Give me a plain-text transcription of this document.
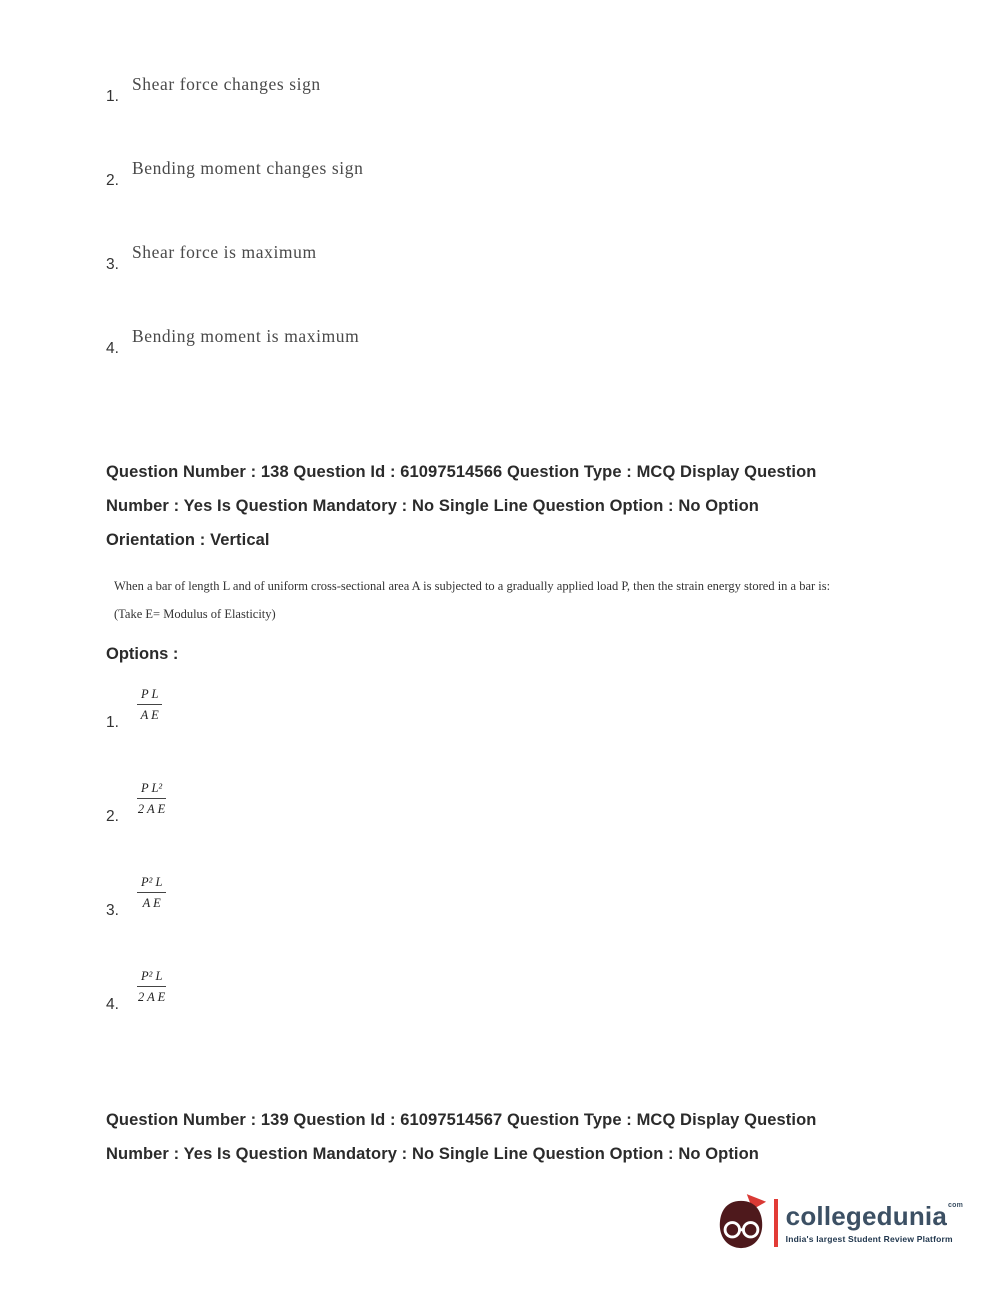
1.
Shear force changes sign
2.
Bending moment changes sign
3.
Shear force is maximum
4.
Bending moment is maximum
Question Number : 138 Question Id : 61097514566 Question Type : MCQ Display Question
Number : Yes Is Question Mandatory : No Single Line Question Option : No Option
Orientation : Vertical
When a bar of length L and of uniform cross-sectional area A is subjected to a gradually applied load P, then the strain energy stored in a bar is:
(Take E= Modulus of Elasticity)
Options :
1. $\frac{\text{P L}}{\text{A E}}$
2. $\frac{\text{P L²}}{\text{2 A E}}$
3. $\frac{\text{P² L}}{\text{A E}}$
4. $\frac{\text{P² L}}{\text{2 A E}}$
Question Number : 139 Question Id : 61097514567 Question Type : MCQ Display Question
Number : Yes Is Question Mandatory : No Single Line Question Option : No Option
collegedunia$^{com}$
India's largest Student Review Platform
